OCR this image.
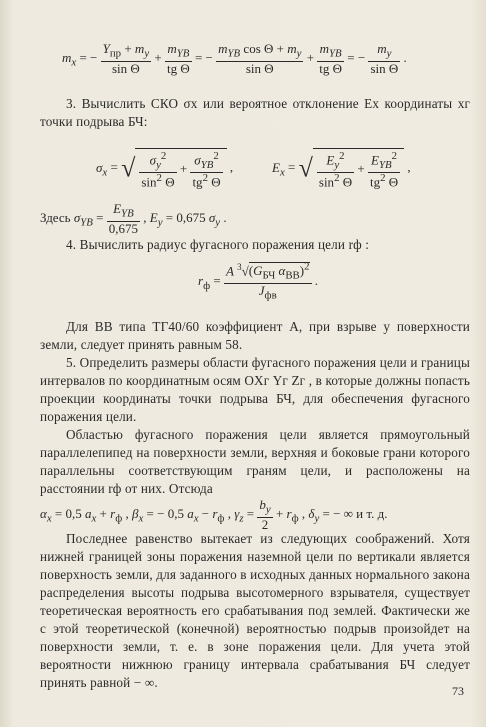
$m_x$ = − $\frac{Y_{пр} + m_y}{\text{sin Θ}} + \frac{m_{YB}}{\text{tg Θ}}$ = − $\frac{m_{YB} \cos \Theta + m_y}{\text{sin Θ}} + \frac{m_{YB}}{\text{tg Θ}}$ = − $\frac{m_y}{\text{sin Θ}}$ .
3. Вычислить СКО σx или вероятное отклонение Ex координаты xг точки подрыва БЧ:
$\sigma_x$ = √ $\frac{\sigma_y^2}{\sin^2 \Theta} + \frac{\sigma_{YB}^2}{tg^2 \Theta}$ ,	$E_x$ = √ $\frac{E_y^2}{\sin^2 \Theta} + \frac{E_{YB}^2}{tg^2 \Theta}$ ,
Здесь $\sigma_{YB} = \frac{E_{YB}}{0,675}$ , $E_y = 0,675$ $\sigma_y$ .
4. Вычислить радиус фугасного поражения цели rф :
$r_ф = \frac{A ^3√(G_{БЧ} \alpha_{ВВ})^2}{J_{фв}}$ .
Для ВВ типа ТГ40/60 коэффициент A, при взрыве у поверхности земли, следует принять равным 58.
5. Определить размеры области фугасного поражения цели и границы интервалов по координатным осям OXг Yг Zг , в которые должны попасть проекции координаты точки подрыва БЧ, для обеспечения фугасного поражения цели.
Областью фугасного поражения цели является прямоугольный параллелепипед на поверхности земли, верхняя и боковые грани которого параллельны соответствующим граням цели, и расположены на расстоянии rф от них. Отсюда
$\alpha_x = 0,5$ $a_x + r_ф$ , $\beta_x$ = − 0,5 $a_x - r_ф$ , $\gamma_z = \frac{b_y}{2} + r_ф$ , $\delta_y$ = − ∞ и т. д.
Последнее равенство вытекает из следующих соображений. Хотя нижней границей зоны поражения наземной цели по вертикали является поверхность земли, для заданного в исходных данных нормального закона распределения высоты подрыва высотомерного взрывателя, существует теоретическая вероятность его срабатывания под землей. Фактически же с этой теоретической (конечной) вероятностью подрыв произойдет на поверхности земли, т. е. в зоне поражения цели. Для учета этой вероятности нижнюю границу интервала срабатывания БЧ следует принять равной − ∞.
73
